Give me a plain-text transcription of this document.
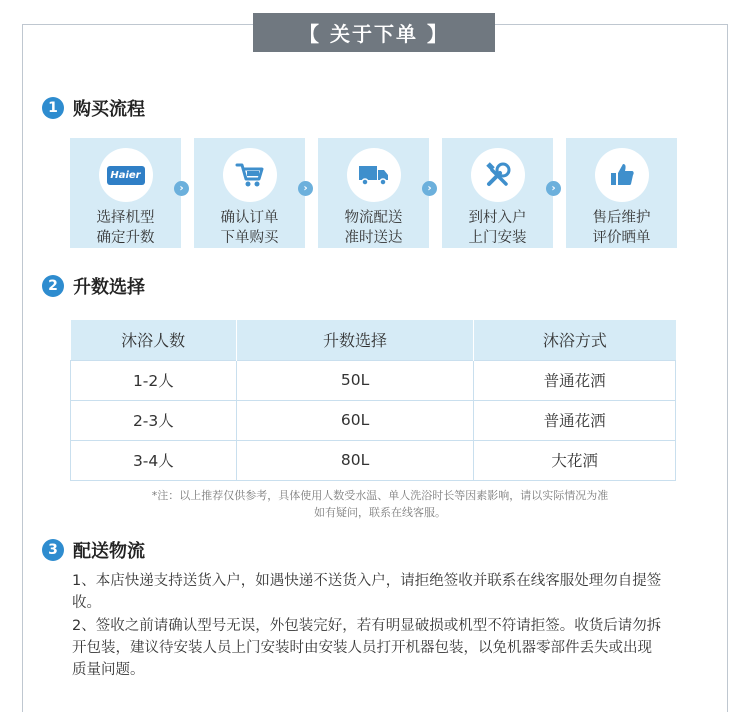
【 关于下单 】
1 购买流程
Haier
选择机型
确定升数
›
确认订单
下单购买
›
物流配送
准时送达
›
到村入户
上门安装
›
售后维护
评价晒单
2 升数选择
沐浴人数	升数选择	沐浴方式
1-2人	50L	普通花洒
2-3人	60L	普通花洒
3-4人	80L	大花洒
*注：以上推荐仅供参考，具体使用人数受水温、单人洗浴时长等因素影响，请以实际情况为准
如有疑问，联系在线客服。
3 配送物流
1、本店快递支持送货入户，如遇快递不送货入户，请拒绝签收并联系在线客服处理勿自提签收。
2、签收之前请确认型号无误，外包装完好，若有明显破损或机型不符请拒签。收货后请勿拆开包装，建议待安装人员上门安装时由安装人员打开机器包装，以免机器零部件丢失或出现质量问题。
